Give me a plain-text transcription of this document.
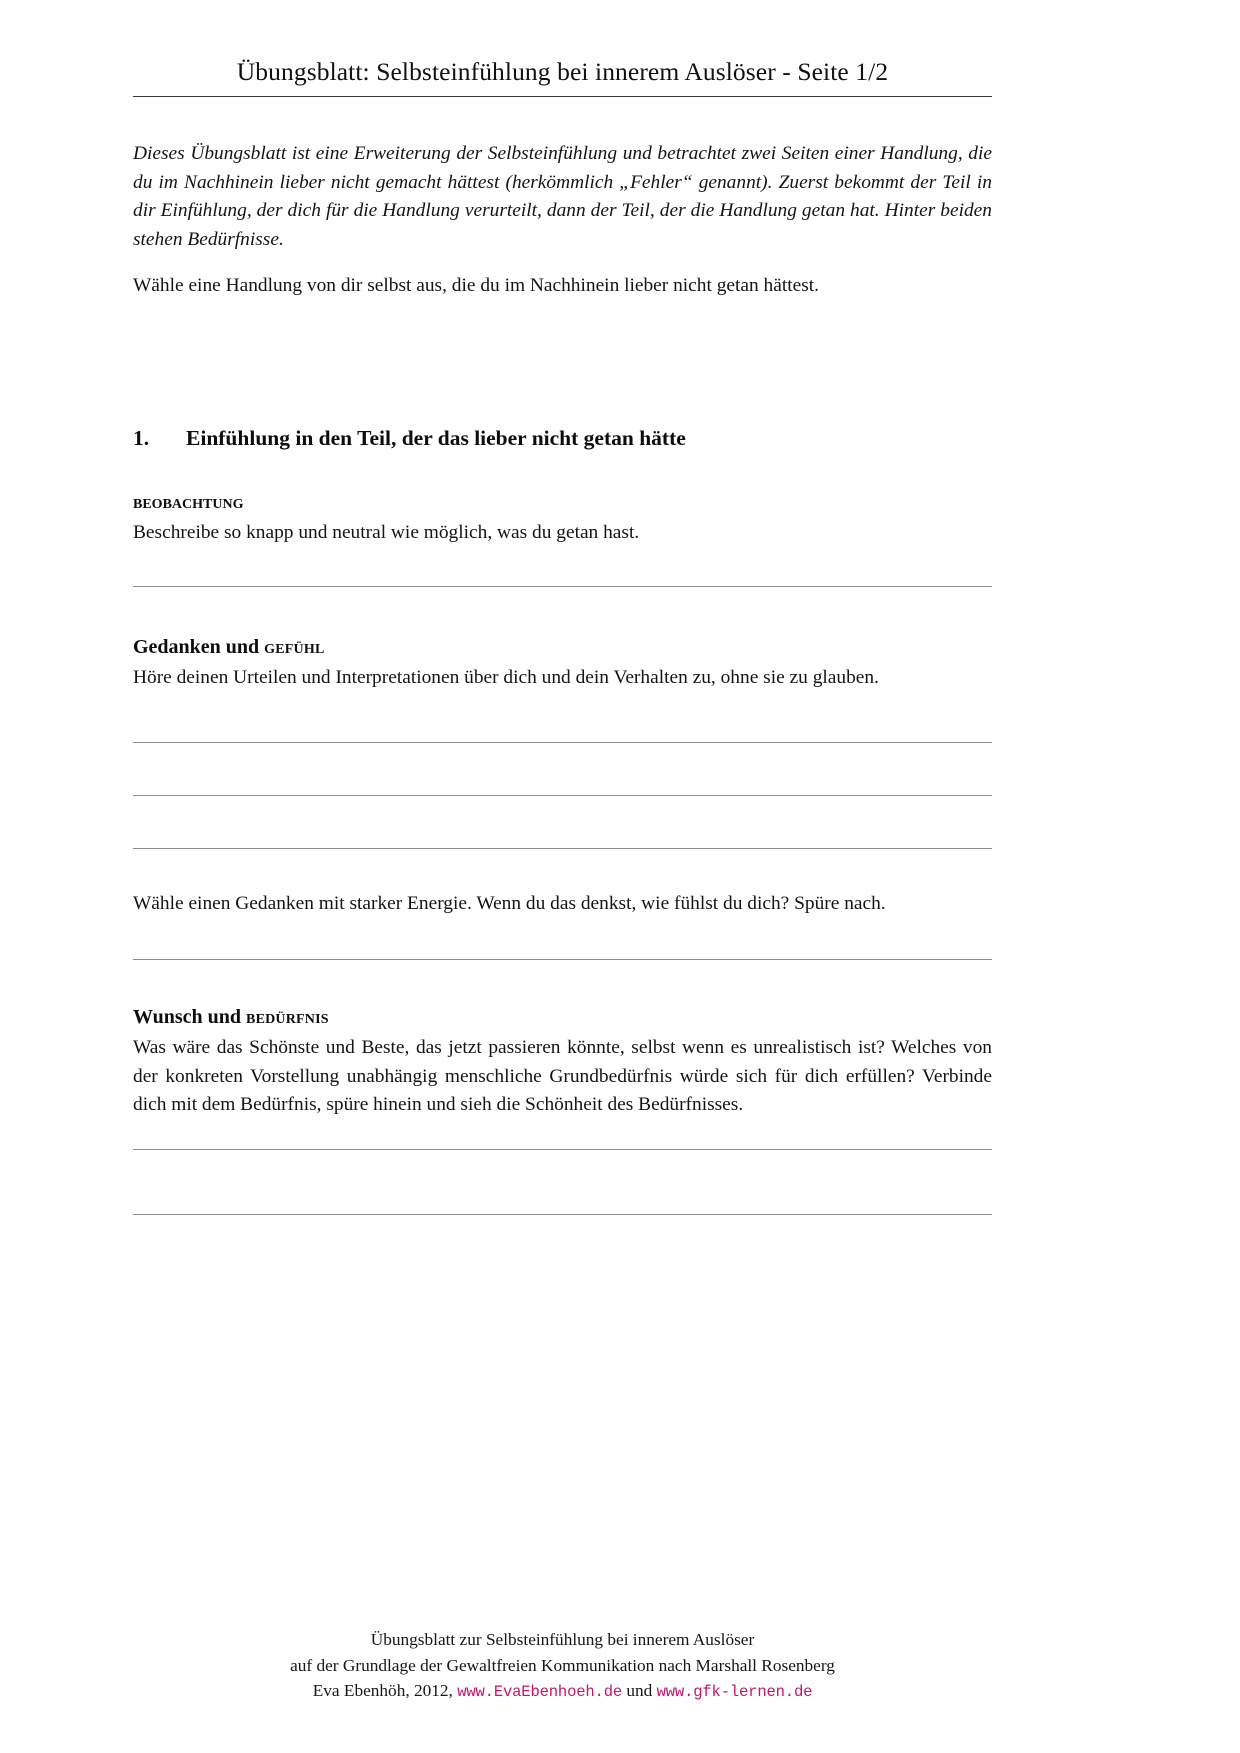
Übungsblatt: Selbsteinfühlung bei innerem Auslöser - Seite 1/2
Dieses Übungsblatt ist eine Erweiterung der Selbsteinfühlung und betrachtet zwei Seiten einer Handlung, die du im Nachhinein lieber nicht gemacht hättest (herkömmlich „Fehler“ genannt). Zuerst bekommt der Teil in dir Einfühlung, der dich für die Handlung verurteilt, dann der Teil, der die Handlung getan hat. Hinter beiden stehen Bedürfnisse.
Wähle eine Handlung von dir selbst aus, die du im Nachhinein lieber nicht getan hättest.
1.	Einfühlung in den Teil, der das lieber nicht getan hätte
beobachtung
Beschreibe so knapp und neutral wie möglich, was du getan hast.
Gedanken und gefühl
Höre deinen Urteilen und Interpretationen über dich und dein Verhalten zu, ohne sie zu glauben.
Wähle einen Gedanken mit starker Energie. Wenn du das denkst, wie fühlst du dich? Spüre nach.
Wunsch und bedürfnis
Was wäre das Schönste und Beste, das jetzt passieren könnte, selbst wenn es unrealistisch ist? Welches von der konkreten Vorstellung unabhängig menschliche Grundbedürfnis würde sich für dich erfüllen? Verbinde dich mit dem Bedürfnis, spüre hinein und sieh die Schönheit des Bedürfnisses.
Übungsblatt zur Selbsteinfühlung bei innerem Auslöser
auf der Grundlage der Gewaltfreien Kommunikation nach Marshall Rosenberg
Eva Ebenhöh, 2012, www.EvaEbenhoeh.de und www.gfk-lernen.de
